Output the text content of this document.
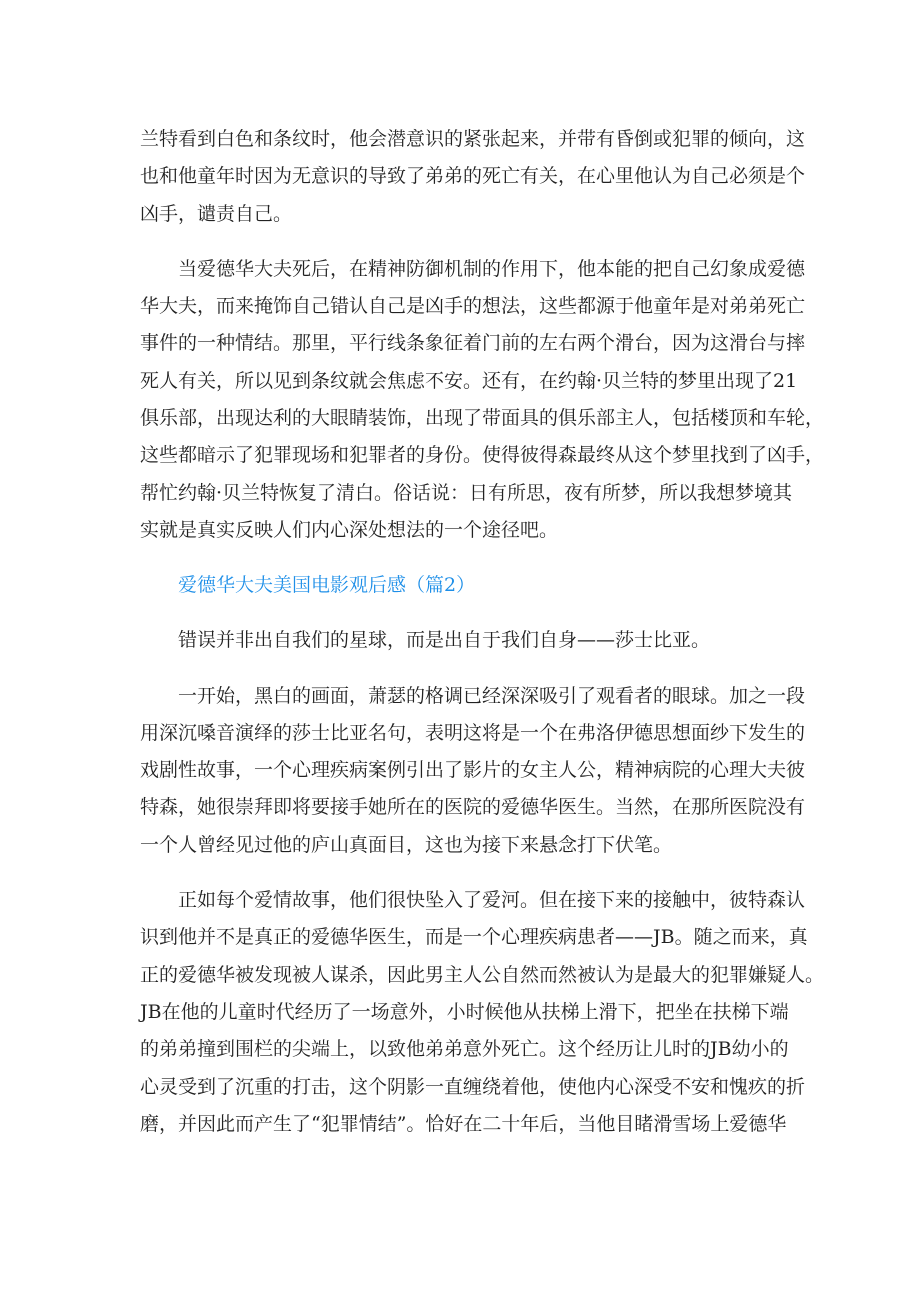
兰特看到白色和条纹时，他会潜意识的紧张起来，并带有昏倒或犯罪的倾向，这
也和他童年时因为无意识的导致了弟弟的死亡有关，在心里他认为自己必须是个
凶手，谴责自己。
当爱德华大夫死后，在精神防御机制的作用下，他本能的把自己幻象成爱德
华大夫，而来掩饰自己错认自己是凶手的想法，这些都源于他童年是对弟弟死亡
事件的一种情结。那里，平行线条象征着门前的左右两个滑台，因为这滑台与摔
死人有关，所以见到条纹就会焦虑不安。还有，在约翰·贝兰特的梦里出现了21
俱乐部，出现达利的大眼睛装饰，出现了带面具的俱乐部主人，包括楼顶和车轮，
这些都暗示了犯罪现场和犯罪者的身份。使得彼得森最终从这个梦里找到了凶手，
帮忙约翰·贝兰特恢复了清白。俗话说：日有所思，夜有所梦，所以我想梦境其
实就是真实反映人们内心深处想法的一个途径吧。
爱德华大夫美国电影观后感（篇2）
错误并非出自我们的星球，而是出自于我们自身——莎士比亚。
一开始，黑白的画面，萧瑟的格调已经深深吸引了观看者的眼球。加之一段
用深沉嗓音演绎的莎士比亚名句，表明这将是一个在弗洛伊德思想面纱下发生的
戏剧性故事，一个心理疾病案例引出了影片的女主人公，精神病院的心理大夫彼
特森，她很崇拜即将要接手她所在的医院的爱德华医生。当然，在那所医院没有
一个人曾经见过他的庐山真面目，这也为接下来悬念打下伏笔。
正如每个爱情故事，他们很快坠入了爱河。但在接下来的接触中，彼特森认
识到他并不是真正的爱德华医生，而是一个心理疾病患者——JB。随之而来，真
正的爱德华被发现被人谋杀，因此男主人公自然而然被认为是最大的犯罪嫌疑人。
JB在他的儿童时代经历了一场意外，小时候他从扶梯上滑下，把坐在扶梯下端
的弟弟撞到围栏的尖端上，以致他弟弟意外死亡。这个经历让儿时的JB幼小的
心灵受到了沉重的打击，这个阴影一直缠绕着他，使他内心深受不安和愧疚的折
磨，并因此而产生了“犯罪情结”。恰好在二十年后，当他目睹滑雪场上爱德华
